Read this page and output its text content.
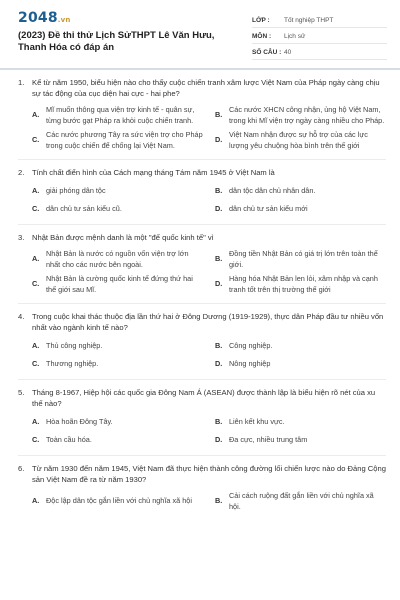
2048.vn
(2023) Đề thi thử Lịch SửTHPT Lê Văn Hưu, Thanh Hóa có đáp án
LỚP :	Tốt nghiệp THPT
MÔN :	Lịch sử
SỐ CÂU : 40
1.	Kể từ năm 1950, biểu hiện nào cho thấy cuộc chiến tranh xâm lược Việt Nam của Pháp ngày càng chịu sự tác động của cục diện hai cực - hai phe?
A.
Mĩ muốn thông qua viện trợ kinh tế - quân sự, từng bước gạt Pháp ra khỏi cuộc chiến tranh.
B.
Các nước XHCN công nhận, ủng hộ Việt Nam, trong khi Mĩ viện trợ ngày càng nhiều cho Pháp.
C.
Các nước phương Tây ra sức viện trợ cho Pháp trong cuộc chiến để chống lại Việt Nam.
D.
Việt Nam nhận được sự hỗ trợ của các lực lượng yêu chuộng hòa bình trên thế giới
2.	Tính chất điển hình của Cách mạng tháng Tám năm 1945 ở Việt Nam là
A. giải phóng dân tộc	B. dân tộc dân chủ nhân dân.
C. dân chủ tư sản kiểu cũ.	D. dân chủ tư sản kiểu mới
3.	Nhật Bản được mệnh danh là một "đế quốc kinh tế" vì
A.
Nhật Bản là nước có nguồn vốn viện trợ lớn nhất cho các nước bên ngoài.
B.
Đồng tiền Nhật Bản có giá trị lớn trên toàn thế giới.
C.
Nhật Bản là cường quốc kinh tế đứng thứ hai thế giới sau Mĩ.
D.
Hàng hóa Nhật Bản len lỏi, xâm nhập và cạnh tranh tốt trên thị trường thế giới
4.	Trong cuộc khai thác thuộc địa lần thứ hai ở Đông Dương (1919-1929), thực dân Pháp đầu tư nhiều vốn nhất vào ngành kinh tế nào?
A. Thủ công nghiệp.	B. Công nghiệp.
C. Thương nghiệp.	D. Nông nghiệp
5.	Tháng 8-1967, Hiệp hội các quốc gia Đông Nam Á (ASEAN) được thành lập là biểu hiện rõ nét của xu thế nào?
A. Hòa hoãn Đông Tây.	B. Liên kết khu vực.
C. Toàn cầu hóa.	D. Đa cực, nhiều trung tâm
6.	Từ năm 1930 đến năm 1945, Việt Nam đã thực hiện thành công đường lối chiến lược nào do Đảng Cộng sản Việt Nam đề ra từ năm 1930?
A. Độc lập dân tộc gắn liền với chủ nghĩa xã hội	B.
Cải cách ruộng đất gắn liền với chủ nghĩa xã hội.
